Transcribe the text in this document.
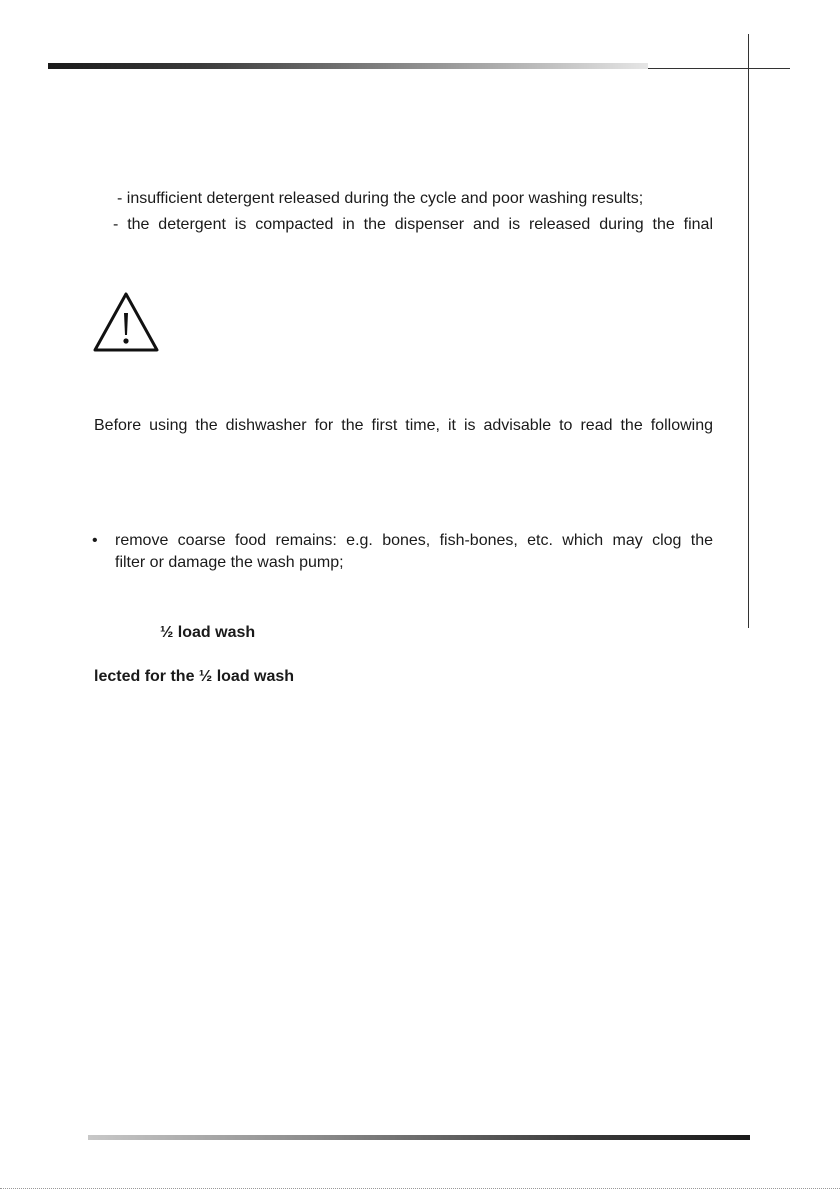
- insufficient detergent released during the cycle and poor washing results;
- the detergent is compacted in the dispenser and is released during the final
Before using the dishwasher for the first time, it is advisable to read the following
• remove coarse food remains: e.g. bones, fish-bones, etc. which may clog the
filter or damage the wash pump;
½ load wash
lected for the ½ load wash
